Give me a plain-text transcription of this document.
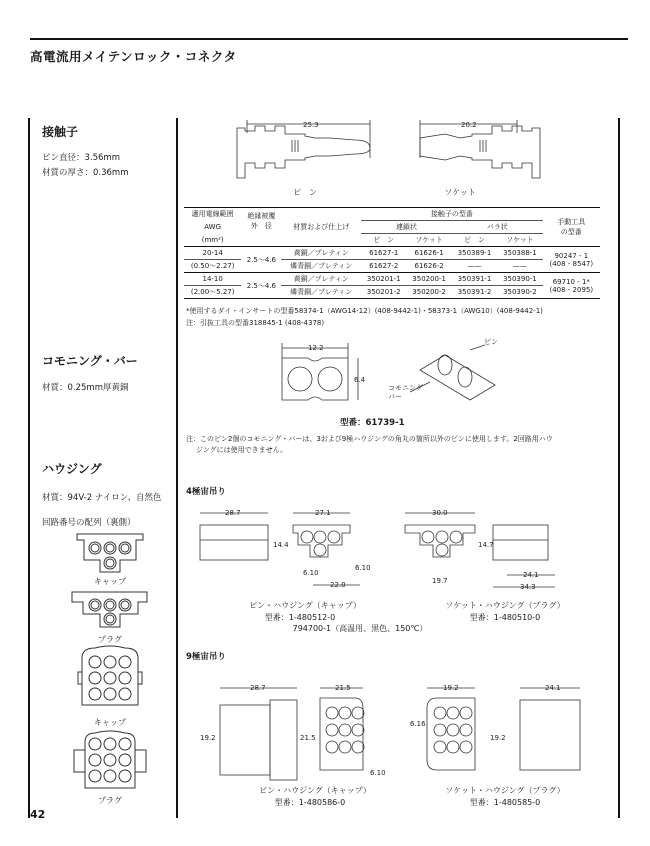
高電流用メイテンロック・コネクタ
接触子
ピン直径：3.56mm
材質の厚さ：0.36mm
コモニング・バー
材質：0.25mm厚黄銅
ハウジング
材質：94V-2 ナイロン、自然色
回路番号の配列（裏側）
キャップ
プラグ
キャップ
プラグ
42
25.3	20.2
ピ　ン	ソケット
適用電線範囲	絶縁被覆
外　径	材質および仕上げ	接触子の型番				手動工具
の型番
AWG			連鎖状		バラ状		
(mm²)			ピ　ン	ソケット	ピ　ン	ソケット	
20-14	2.5〜4.6	黄銅／プレティン	61627-1	61626-1	350389-1	350388-1	90247 - 1
(408 - 8547)
(0.50〜2.27)		燐青銅／プレティン	61627-2	61626-2	——	——	
14-10	2.5〜4.6	黄銅／プレティン	350201-1	350200-1	350391-1	350390-1	69710 - 1*
(408 - 2095)
(2.00〜5.27)		燐青銅／プレティン	350201-2	350200-2	350391-2	350390-2	
*使用するダイ・インサートの型番58374-1（AWG14-12）(408-9442-1)・58373-1（AWG10）(408-9442-1)
注：引抜工具の型番318845-1 (408-4378)
12.2
6.4
ピン
コモニング
バー
型番：61739-1
注：このピン2個のコモニング・バーは、3および9極ハウジングの角丸の箇所以外のピンに使用します。2回路用ハウ
ジングには使用できません。
4極宙吊り
28.7	27.1
14.4
6.10
6.10
22.0
30.0
14.7
19.7
24.1
34.3
ピン・ハウジング（キャップ）
型番：1-480512-0
794700-1（高温用、黒色、150℃）
ソケット・ハウジング（プラグ）
型番：1-480510-0
9極宙吊り
28.7
19.2	21.5
21.5
6.16
6.10
19.2
19.2
24.1
ピン・ハウジング（キャップ）
型番：1-480586-0
ソケット・ハウジング（プラグ）
型番：1-480585-0
